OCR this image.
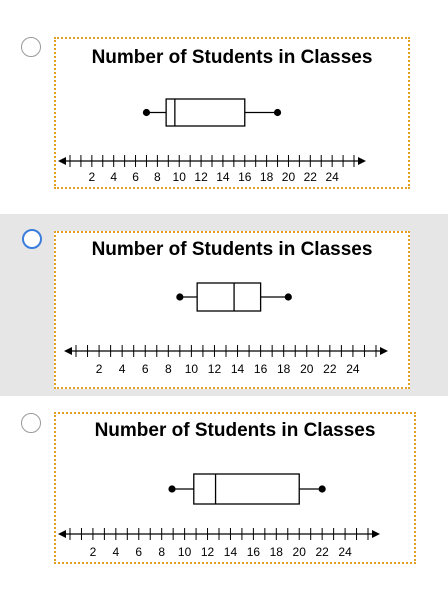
Number of Students in Classes
2 4 6 8 10 12 14 16 18 20 22 24
Number of Students in Classes
2 4 6 8 10 12 14 16 18 20 22 24
Number of Students in Classes
2 4 6 8 10 12 14 16 18 20 22 24
